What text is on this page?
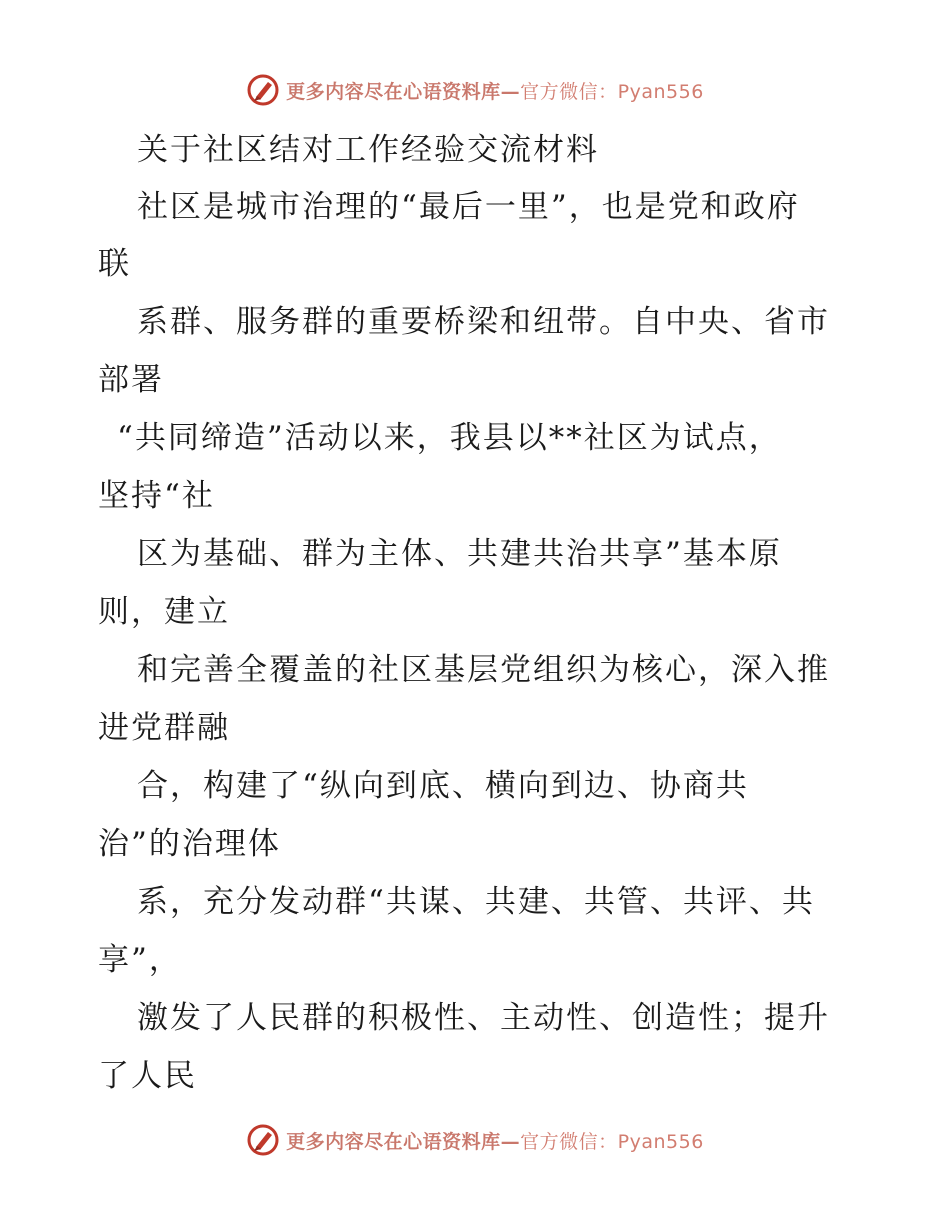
更多内容尽在心语资料库—官方微信：Pyan556
关于社区结对工作经验交流材料
社区是城市治理的“最后一里”，也是党和政府
联
系群、服务群的重要桥梁和纽带。自中央、省市
部署
“共同缔造”活动以来，我县以**社区为试点，
坚持“社
区为基础、群为主体、共建共治共享”基本原
则，建立
和完善全覆盖的社区基层党组织为核心，深入推
进党群融
合，构建了“纵向到底、横向到边、协商共
治”的治理体
系，充分发动群“共谋、共建、共管、共评、共
享”，
激发了人民群的积极性、主动性、创造性；提升
了人民
更多内容尽在心语资料库—官方微信：Pyan556
